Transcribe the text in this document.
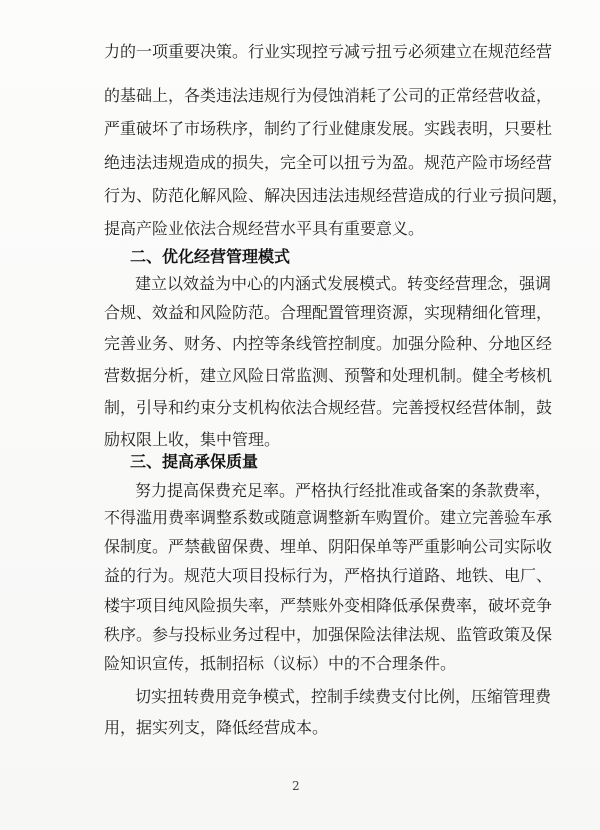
力的一项重要决策。行业实现控亏减亏扭亏必须建立在规范经营
的基础上，各类违法违规行为侵蚀消耗了公司的正常经营收益，
严重破坏了市场秩序，制约了行业健康发展。实践表明，只要杜
绝违法违规造成的损失，完全可以扭亏为盈。规范产险市场经营
行为、防范化解风险、解决因违法违规经营造成的行业亏损问题，
提高产险业依法合规经营水平具有重要意义。
二、优化经营管理模式
建立以效益为中心的内涵式发展模式。转变经营理念，强调
合规、效益和风险防范。合理配置管理资源，实现精细化管理，
完善业务、财务、内控等条线管控制度。加强分险种、分地区经
营数据分析，建立风险日常监测、预警和处理机制。健全考核机
制，引导和约束分支机构依法合规经营。完善授权经营体制，鼓
励权限上收，集中管理。
三、提高承保质量
努力提高保费充足率。严格执行经批准或备案的条款费率，
不得滥用费率调整系数或随意调整新车购置价。建立完善验车承
保制度。严禁截留保费、埋单、阴阳保单等严重影响公司实际收
益的行为。规范大项目投标行为，严格执行道路、地铁、电厂、
楼宇项目纯风险损失率，严禁账外变相降低承保费率，破坏竞争
秩序。参与投标业务过程中，加强保险法律法规、监管政策及保
险知识宣传，抵制招标（议标）中的不合理条件。
切实扭转费用竞争模式，控制手续费支付比例，压缩管理费
用，据实列支，降低经营成本。
2
